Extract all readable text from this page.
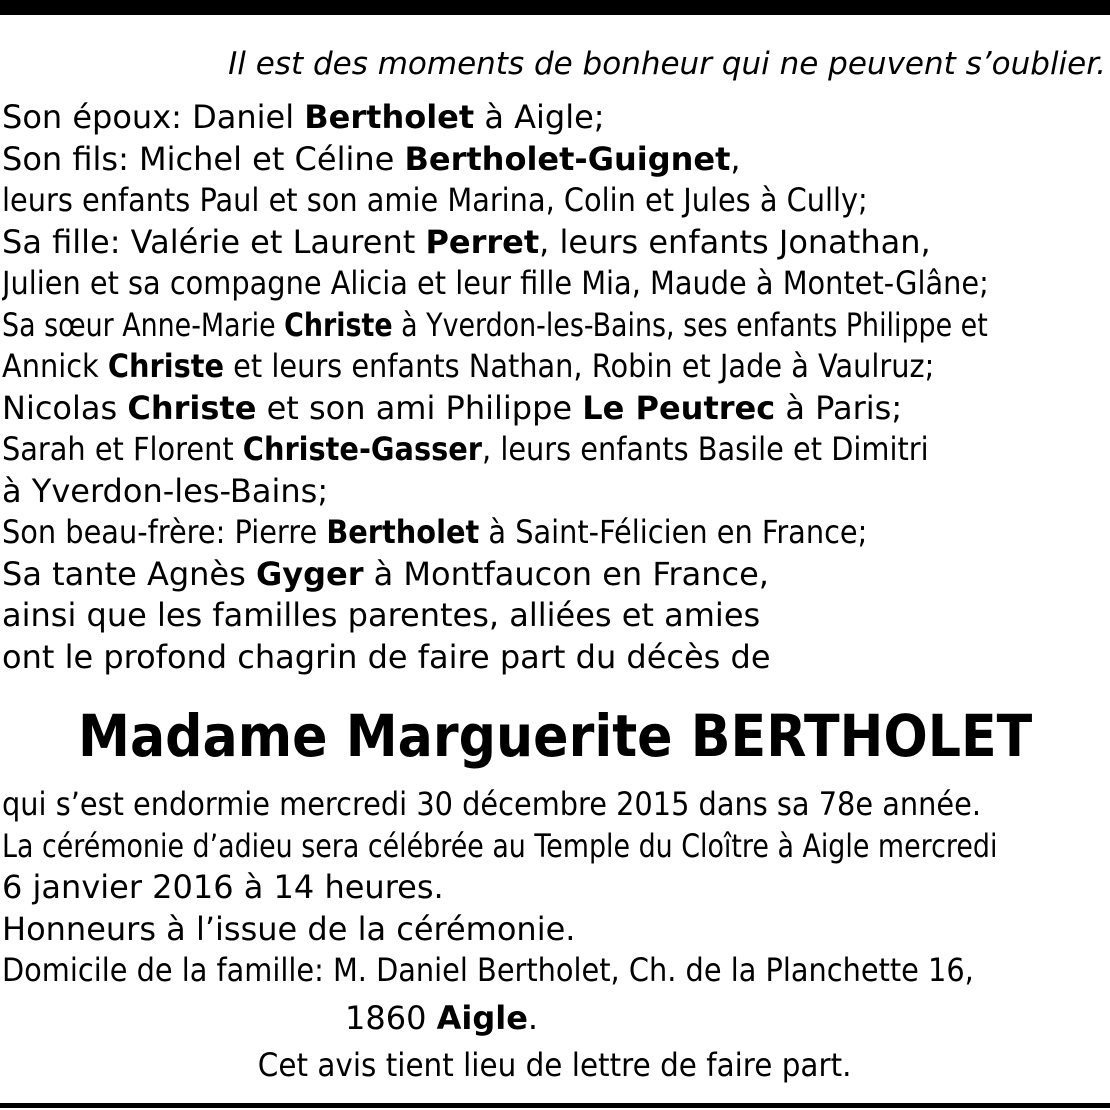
Il est des moments de bonheur qui ne peuvent s’oublier.
Son époux: Daniel Bertholet à Aigle;
Son fils: Michel et Céline Bertholet-Guignet,
leurs enfants Paul et son amie Marina, Colin et Jules à Cully;
Sa fille: Valérie et Laurent Perret, leurs enfants Jonathan,
Julien et sa compagne Alicia et leur fille Mia, Maude à Montet-Glâne;
Sa sœur Anne-Marie Christe à Yverdon-les-Bains, ses enfants Philippe et
Annick Christe et leurs enfants Nathan, Robin et Jade à Vaulruz;
Nicolas Christe et son ami Philippe Le Peutrec à Paris;
Sarah et Florent Christe-Gasser, leurs enfants Basile et Dimitri
à Yverdon-les-Bains;
Son beau-frère: Pierre Bertholet à Saint-Félicien en France;
Sa tante Agnès Gyger à Montfaucon en France,
ainsi que les familles parentes, alliées et amies
ont le profond chagrin de faire part du décès de
Madame Marguerite BERTHOLET
qui s’est endormie mercredi 30 décembre 2015 dans sa 78e année.
La cérémonie d’adieu sera célébrée au Temple du Cloître à Aigle mercredi
6 janvier 2016 à 14 heures.
Honneurs à l’issue de la cérémonie.
Domicile de la famille: M. Daniel Bertholet, Ch. de la Planchette 16,
1860 Aigle.
Cet avis tient lieu de lettre de faire part.
